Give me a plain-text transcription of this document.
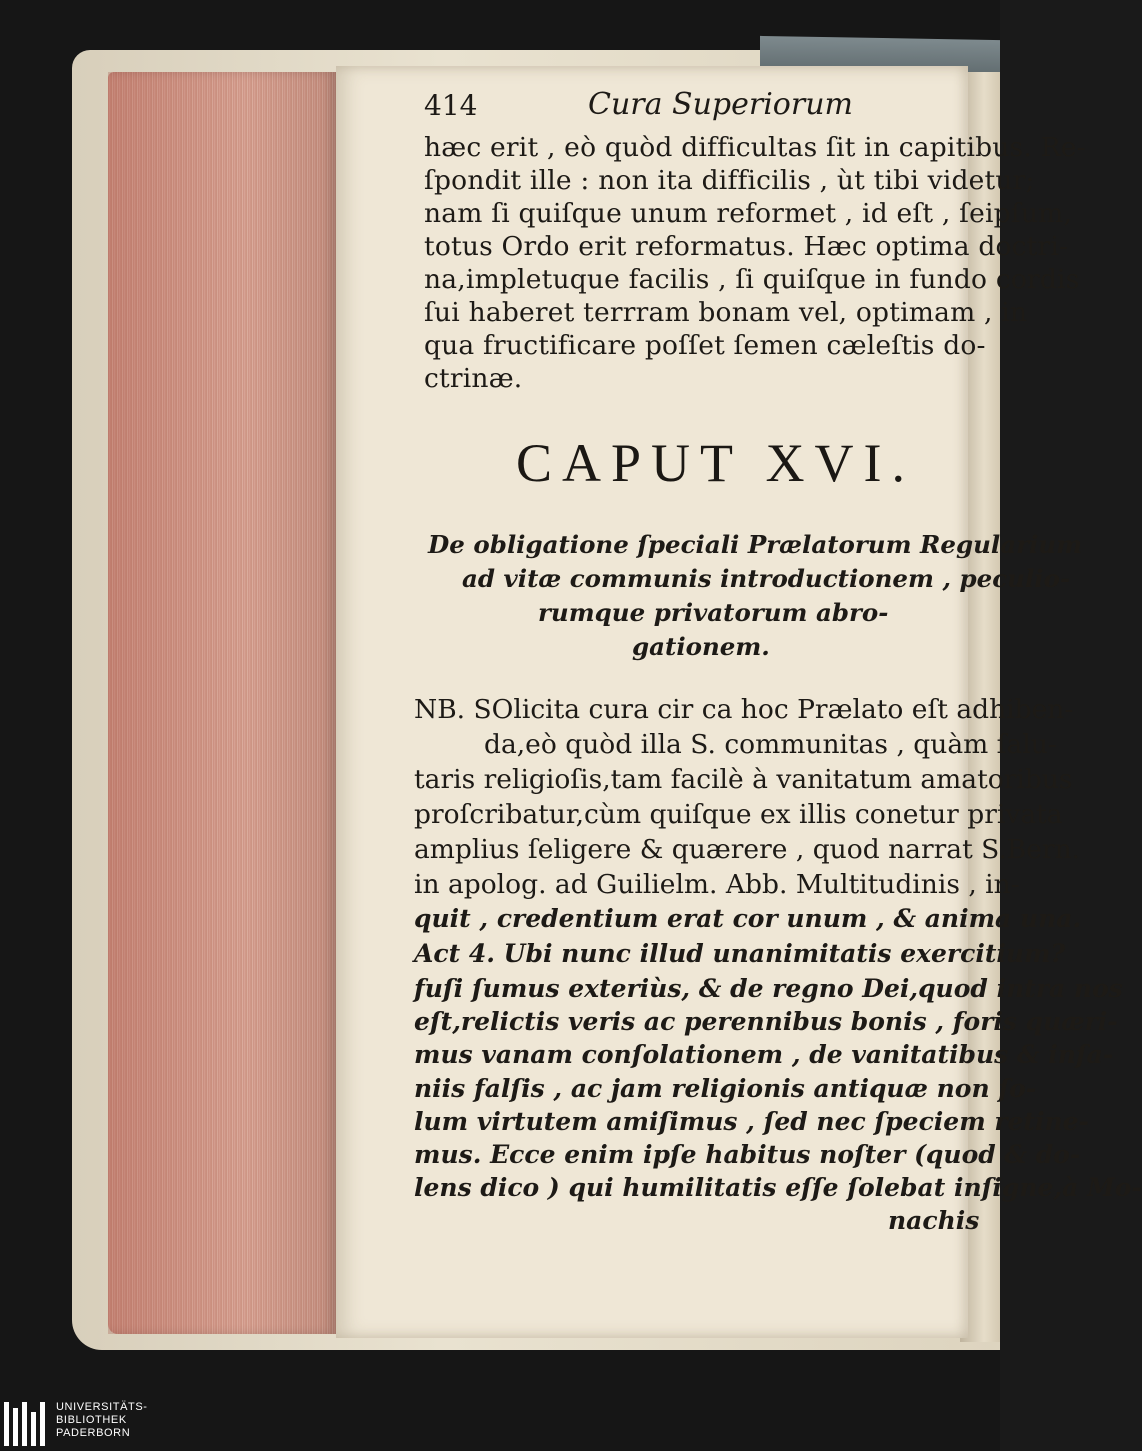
414	Cura Superiorum
hæc erit , eò quòd difficultas ſit in capitibus. Re-
ſpondit ille : non ita difficilis , ùt tibi videtur;
nam ſi quiſque unum reformet , id eſt , ſeipſum,
totus Ordo erit reformatus. Hæc optima doctri-
na,impletuque facilis , ſi quiſque in fundo cordis
ſui haberet terrram bonam vel, optimam , in
qua fructificare poſſet ſemen cæleſtis do-
ctrinæ.
CAPUT XVI.
De obligatione ſpeciali Prælatorum Regularium
ad vitæ communis introductionem , peculio-
rumque privatorum abro-
gationem.
NB. SOlicita cura cir ca hoc Prælato eſt adhiben-
da,eò quòd illa S. communitas , quàm ſalu-
taris religioſis,tam facilè à vanitatum amatoribus
proſcribatur,cùm quiſque ex illis conetur privata
amplius ſeligere & quærere , quod narrat S.Bern.
in apolog. ad Guilielm. Abb. Multitudinis , in-
quit , credentium erat cor unum , & anima una.
Act 4. Ubi nunc illud unanimitatis exercitium?
fuſi ſumus exteriùs, & de regno Dei,quod intra nos
eſt,relictis veris ac perennibus bonis , foris quæri-
mus vanam conſolationem , de vanitatibus & inſa-
niis falſis , ac jam religionis antiquæ non ſo-
lum virtutem amiſimus , ſed nec ſpeciem retine-
mus. Ecce enim ipſe habitus noſter (quod & do-
lens dico ) qui humilitatis eſſe ſolebat inſigne,à Mo-
nachis
UNIVERSITÄTS-
BIBLIOTHEK
PADERBORN
